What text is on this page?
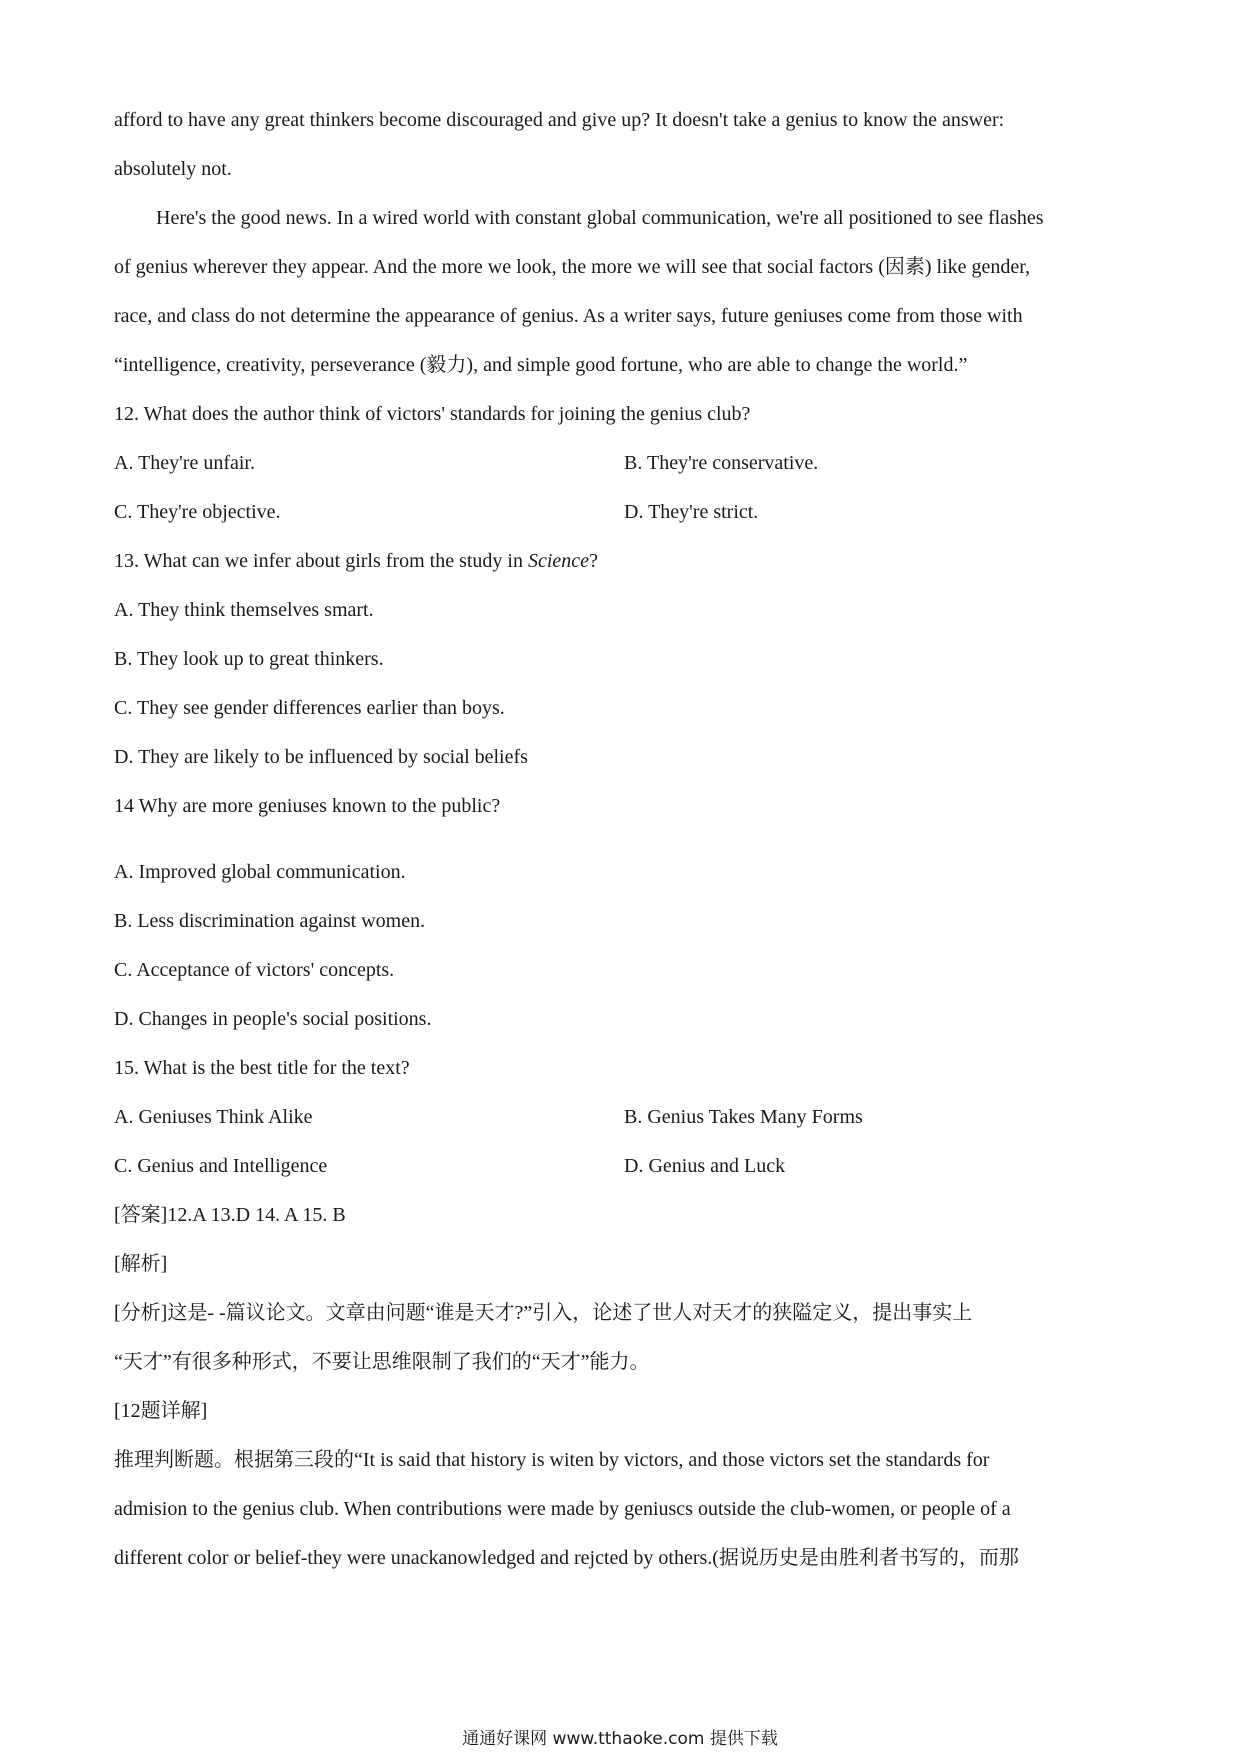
afford to have any great thinkers become discouraged and give up? It doesn't take a genius to know the answer:
absolutely not.
Here's the good news. In a wired world with constant global communication, we're all positioned to see flashes
of genius wherever they appear. And the more we look, the more we will see that social factors (因素) like gender,
race, and class do not determine the appearance of genius. As a writer says, future geniuses come from those with
“intelligence, creativity, perseverance (毅力), and simple good fortune, who are able to change the world.”
12. What does the author think of victors' standards for joining the genius club?
A. They're unfair.	B. They're conservative.
C. They're objective.	D. They're strict.
13. What can we infer about girls from the study in Science?
A. They think themselves smart.
B. They look up to great thinkers.
C. They see gender differences earlier than boys.
D. They are likely to be influenced by social beliefs
14 Why are more geniuses known to the public?
A. Improved global communication.
B. Less discrimination against women.
C. Acceptance of victors' concepts.
D. Changes in people's social positions.
15. What is the best title for the text?
A. Geniuses Think Alike	B. Genius Takes Many Forms
C. Genius and Intelligence	D. Genius and Luck
[答案]12.A 13.D 14. A 15. B
[解析]
[分析]这是- -篇议论文。文章由问题“谁是天才?”引入，论述了世人对天才的狭隘定义，提出事实上
“天才”有很多种形式，不要让思维限制了我们的“天才”能力。
[12题详解]
推理判断题。根据第三段的“It is said that history is witen by victors, and those victors set the standards for
admision to the genius club. When contributions were made by geniuscs outside the club-women, or people of a
different color or belief-they were unackanowledged and rejcted by others.(据说历史是由胜利者书写的，而那
通通好课网 www.tthaoke.com 提供下载
